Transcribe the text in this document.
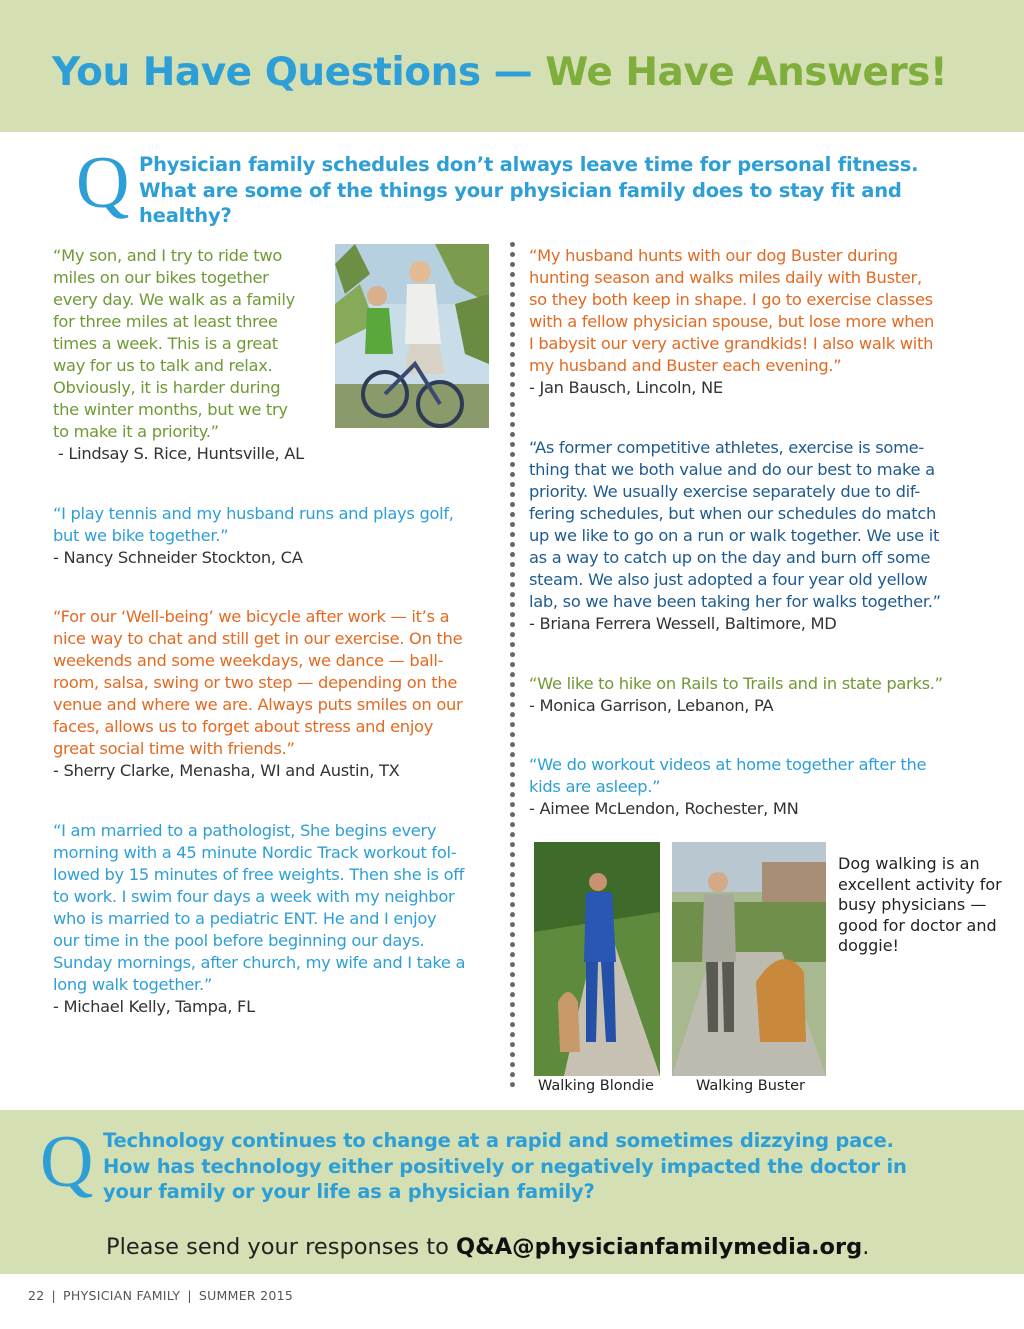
You Have Questions — We Have Answers!
Q Physician family schedules don’t always leave time for personal fitness. What are some of the things your physician family does to stay fit and healthy?
“My son, and I try to ride two
miles on our bikes together
every day. We walk as a family
for three miles at least three
times a week. This is a great
way for us to talk and relax.
Obviously, it is harder during
the winter months, but we try
to make it a priority.”
- Lindsay S. Rice, Huntsville, AL
“I play tennis and my husband runs and plays golf,
but we bike together.”
- Nancy Schneider Stockton, CA
“For our ‘Well-being’ we bicycle after work — it’s a
nice way to chat and still get in our exercise. On the
weekends and some weekdays, we dance — ball-
room, salsa, swing or two step — depending on the
venue and where we are. Always puts smiles on our
faces, allows us to forget about stress and enjoy
great social time with friends.”
- Sherry Clarke, Menasha, WI and Austin, TX
“I am married to a pathologist, She begins every
morning with a 45 minute Nordic Track workout fol-
lowed by 15 minutes of free weights. Then she is off
to work. I swim four days a week with my neighbor
who is married to a pediatric ENT. He and I enjoy
our time in the pool before beginning our days.
Sunday mornings, after church, my wife and I take a
long walk together.”
- Michael Kelly, Tampa, FL
“My husband hunts with our dog Buster during
hunting season and walks miles daily with Buster,
so they both keep in shape. I go to exercise classes
with a fellow physician spouse, but lose more when
I babysit our very active grandkids! I also walk with
my husband and Buster each evening.”
- Jan Bausch, Lincoln, NE
“As former competitive athletes, exercise is some-
thing that we both value and do our best to make a
priority. We usually exercise separately due to dif-
fering schedules, but when our schedules do match
up we like to go on a run or walk together. We use it
as a way to catch up on the day and burn off some
steam. We also just adopted a four year old yellow
lab, so we have been taking her for walks together.”
- Briana Ferrera Wessell, Baltimore, MD
“We like to hike on Rails to Trails and in state parks.”
- Monica Garrison, Lebanon, PA
“We do workout videos at home together after the
kids are asleep.”
- Aimee McLendon, Rochester, MN
Walking Blondie	Walking Buster
Dog walking is an excellent activity for busy physicians — good for doctor and doggie!
Q Technology continues to change at a rapid and sometimes dizzying pace. How has technology either positively or negatively impacted the doctor in your family or your life as a physician family?
Please send your responses to Q&A@physicianfamilymedia.org.
22 | PHYSICIAN FAMILY | SUMMER 2015
